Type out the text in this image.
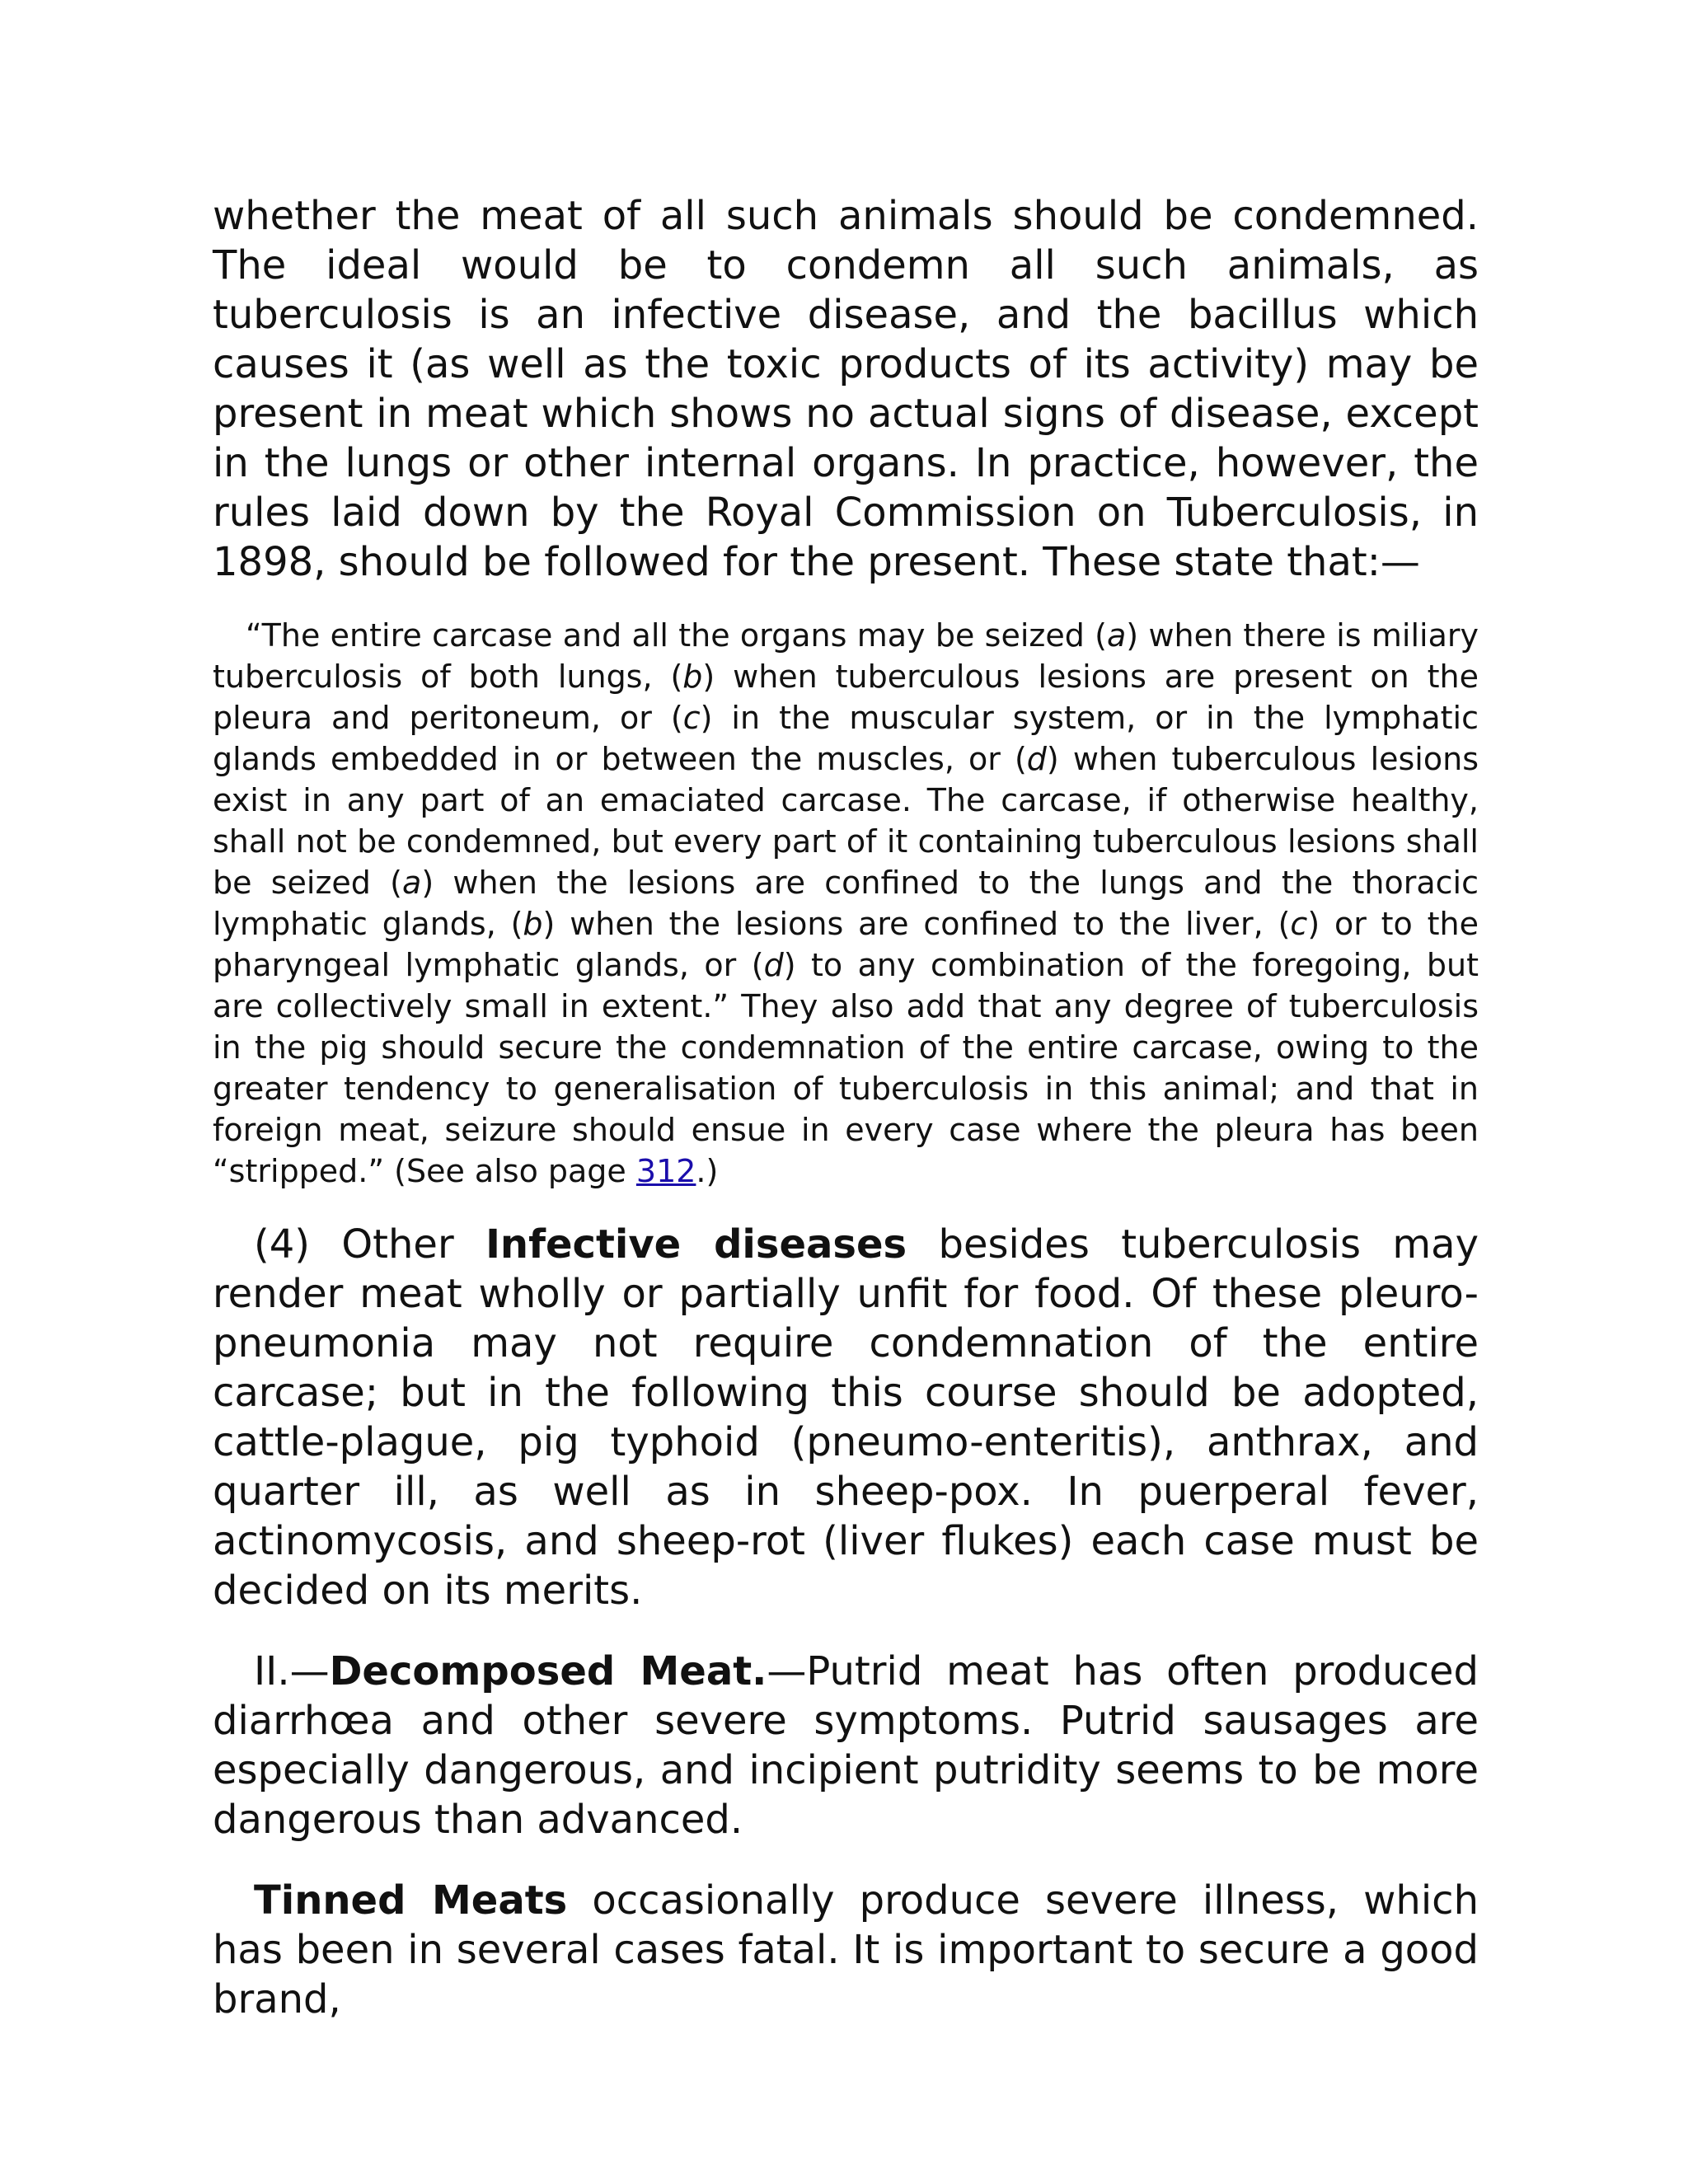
whether the meat of all such animals should be condemned. The ideal would be to condemn all such animals, as tuberculosis is an infective disease, and the bacillus which causes it (as well as the toxic products of its activity) may be present in meat which shows no actual signs of disease, except in the lungs or other internal organs. In practice, however, the rules laid down by the Royal Commission on Tuberculosis, in 1898, should be followed for the present. These state that:—

“The entire carcase and all the organs may be seized (a) when there is miliary tuberculosis of both lungs, (b) when tuberculous lesions are present on the pleura and peritoneum, or (c) in the muscular system, or in the lymphatic glands embedded in or between the muscles, or (d) when tuberculous lesions exist in any part of an emaciated carcase. The carcase, if otherwise healthy, shall not be condemned, but every part of it containing tuberculous lesions shall be seized (a) when the lesions are confined to the lungs and the thoracic lymphatic glands, (b) when the lesions are confined to the liver, (c) or to the pharyngeal lymphatic glands, or (d) to any combination of the foregoing, but are collectively small in extent.” They also add that any degree of tuberculosis in the pig should secure the condemnation of the entire carcase, owing to the greater tendency to generalisation of tuberculosis in this animal; and that in foreign meat, seizure should ensue in every case where the pleura has been “stripped.” (See also page 312.)

(4) Other Infective diseases besides tuberculosis may render meat wholly or partially unfit for food. Of these pleuro-pneumonia may not require condemnation of the entire carcase; but in the following this course should be adopted, cattle-plague, pig typhoid (pneumo-enteritis), anthrax, and quarter ill, as well as in sheep-pox. In puerperal fever, actinomycosis, and sheep-rot (liver flukes) each case must be decided on its merits.

II.—Decomposed Meat.—Putrid meat has often produced diarrhœa and other severe symptoms. Putrid sausages are especially dangerous, and incipient putridity seems to be more dangerous than advanced.

Tinned Meats occasionally produce severe illness, which has been in several cases fatal. It is important to secure a good brand,
